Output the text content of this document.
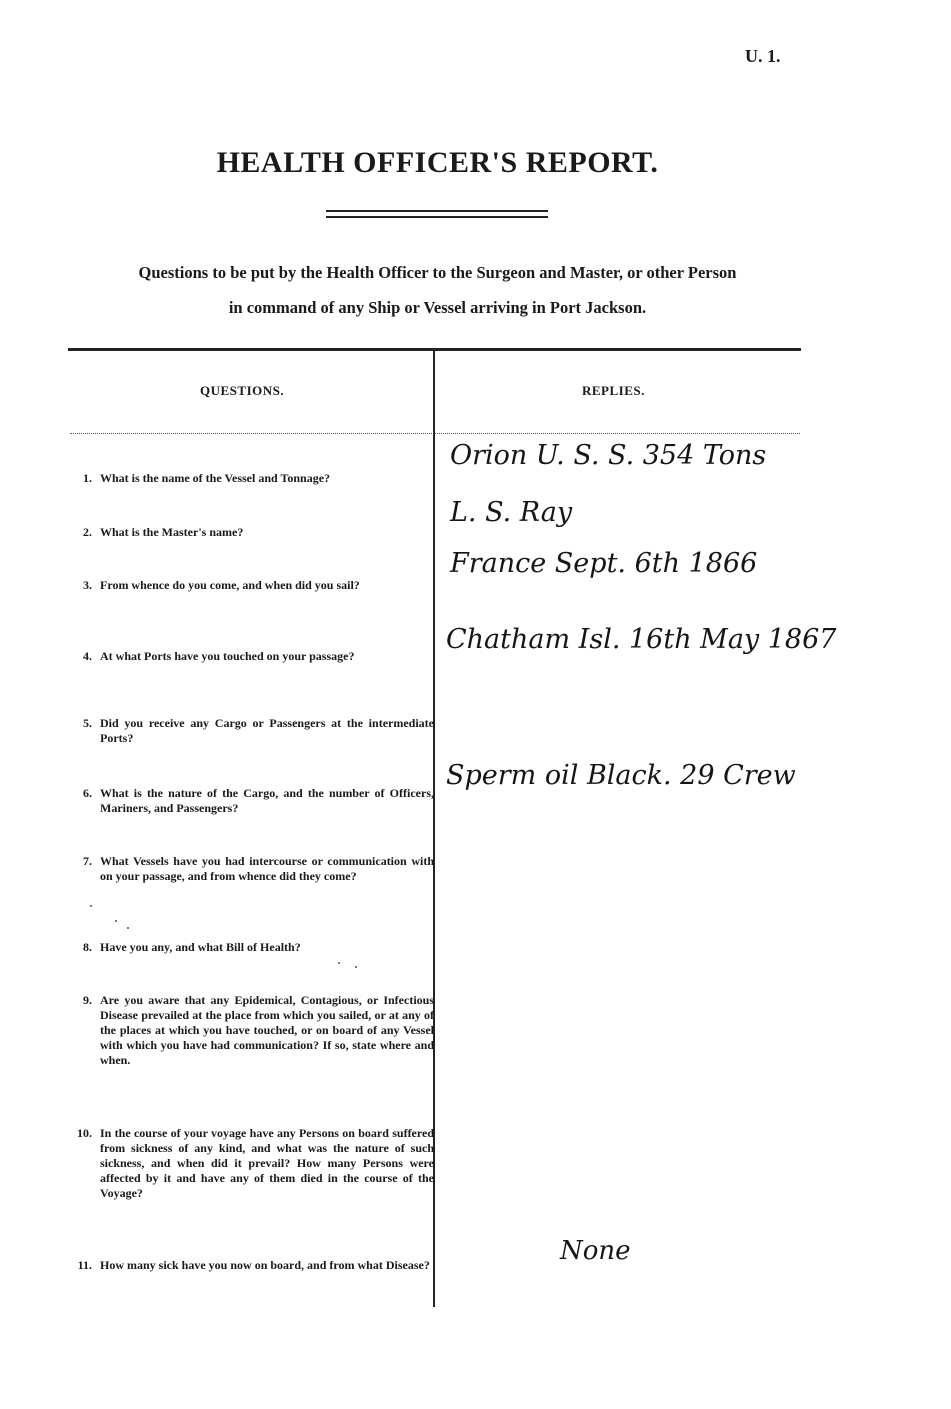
U. 1.
HEALTH OFFICER'S REPORT.
Questions to be put by the Health Officer to the Surgeon and Master, or other Person
in command of any Ship or Vessel arriving in Port Jackson.
QUESTIONS.	REPLIES.
1. What is the name of the Vessel and Tonnage?
2. What is the Master's name?
3. From whence do you come, and when did you sail?
4. At what Ports have you touched on your passage?
5. Did you receive any Cargo or Passengers at the intermediate Ports?
6. What is the nature of the Cargo, and the number of Officers, Mariners, and Passengers?
7. What Vessels have you had intercourse or communication with on your passage, and from whence did they come?
8. Have you any, and what Bill of Health?
9. Are you aware that any Epidemical, Contagious, or Infectious Disease prevailed at the place from which you sailed, or at any of the places at which you have touched, or on board of any Vessel with which you have had communication? If so, state where and when.
10. In the course of your voyage have any Persons on board suffered from sickness of any kind, and what was the nature of such sickness, and when did it prevail? How many Persons were affected by it and have any of them died in the course of the Voyage?
11. How many sick have you now on board, and from what Disease?
Orion U. S. S. 354 Tons
L. S. Ray
France Sept. 6th 1866
Chatham Isl. 16th May 1867
Sperm oil Black. 29 Crew
None
